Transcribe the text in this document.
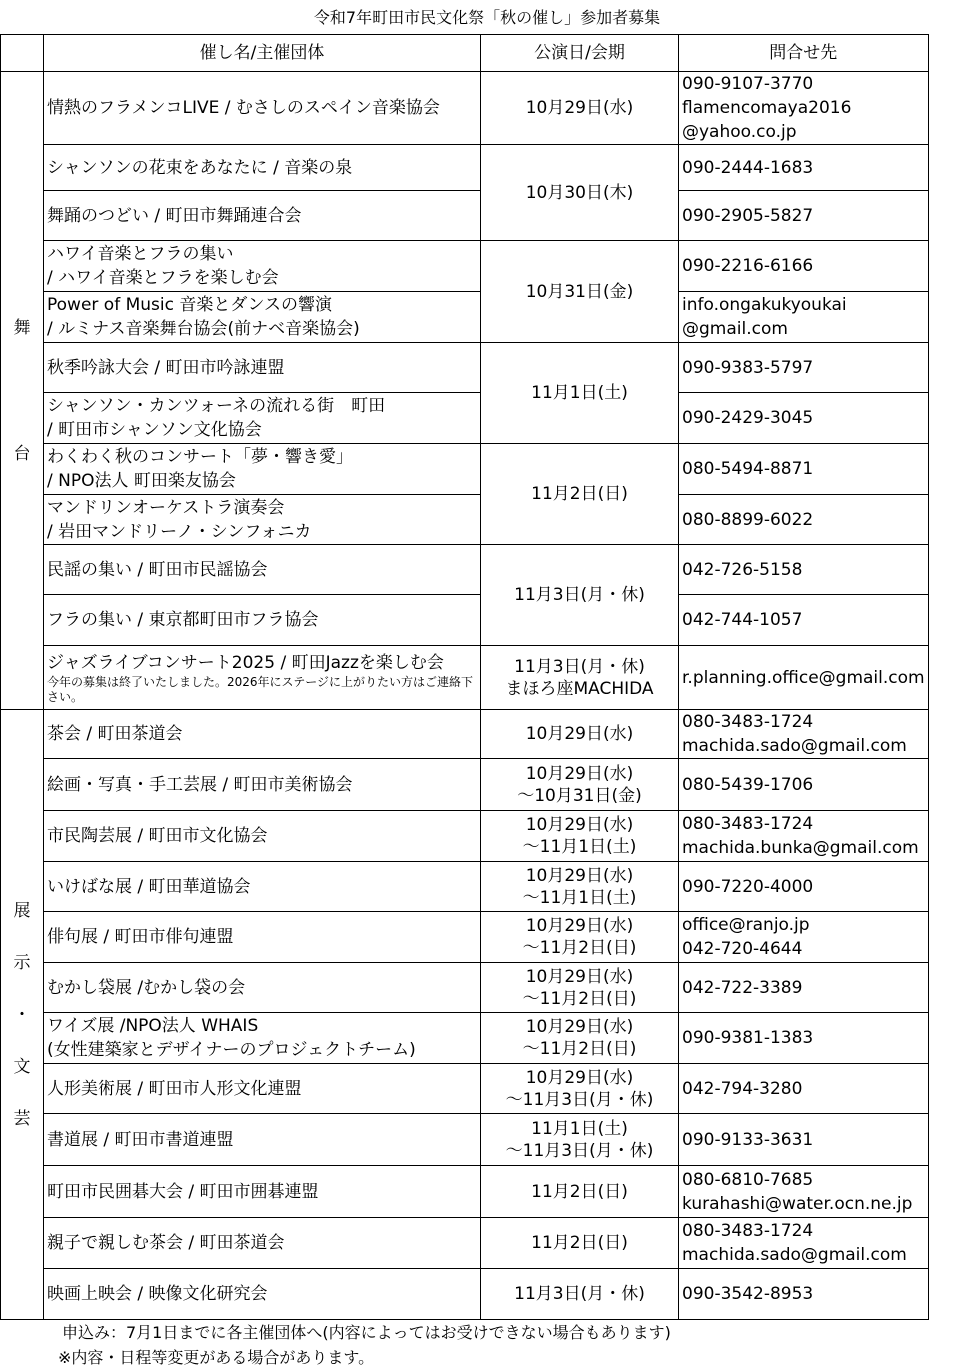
令和7年町田市民文化祭「秋の催し」参加者募集
	催し名/主催団体	公演日/会期	問合せ先

舞
台	情熱のフラメンコLIVE / むさしのスペイン音楽協会	10月29日(水)	090-9107-3770
flamencomaya2016
@yahoo.co.jp

	シャンソンの花束をあなたに / 音楽の泉	10月30日(木)	090-2444-1683

	舞踊のつどい / 町田市舞踊連合会		090-2905-5827

	ハワイ音楽とフラの集い
/ ハワイ音楽とフラを楽しむ会	10月31日(金)	090-2216-6166

	Power of Music 音楽とダンスの響演
/ ルミナス音楽舞台協会(前ナベ音楽協会)		info.ongakukyoukai
@gmail.com

	秋季吟詠大会 / 町田市吟詠連盟	11月1日(土)	090-9383-5797

	シャンソン・カンツォーネの流れる街　町田
/ 町田市シャンソン文化協会		090-2429-3045

	わくわく秋のコンサート「夢・響き愛」
/ NPO法人 町田楽友協会	11月2日(日)	080-5494-8871

	マンドリンオーケストラ演奏会
/ 岩田マンドリーノ・シンフォニカ		080-8899-6022

	民謡の集い / 町田市民謡協会	11月3日(月・休)	042-726-5158

	フラの集い / 東京都町田市フラ協会		042-744-1057

	ジャズライブコンサート2025 / 町田Jazzを楽しむ会
今年の募集は終了いたしました。2026年にステージに上がりたい方はご連絡下さい。	11月3日(月・休)
まほろ座MACHIDA	r.planning.office@gmail.com

展
示
・
文
芸	茶会 / 町田茶道会	10月29日(水)	080-3483-1724
machida.sado@gmail.com

	絵画・写真・手工芸展 / 町田市美術協会	10月29日(水)
～10月31日(金)	080-5439-1706

	市民陶芸展 / 町田市文化協会	10月29日(水)
～11月1日(土)	080-3483-1724
machida.bunka@gmail.com

	いけばな展 / 町田華道協会	10月29日(水)
～11月1日(土)	090-7220-4000

	俳句展 / 町田市俳句連盟	10月29日(水)
～11月2日(日)	office@ranjo.jp
042-720-4644

	むかし袋展 /むかし袋の会	10月29日(水)
～11月2日(日)	042-722-3389

	ワイズ展 /NPO法人 WHAIS
(女性建築家とデザイナーのプロジェクトチーム)	10月29日(水)
～11月2日(日)	090-9381-1383

	人形美術展 / 町田市人形文化連盟	10月29日(水)
～11月3日(月・休)	042-794-3280

	書道展 / 町田市書道連盟	11月1日(土)
～11月3日(月・休)	090-9133-3631

	町田市民囲碁大会 / 町田市囲碁連盟	11月2日(日)	080-6810-7685
kurahashi@water.ocn.ne.jp

	親子で親しむ茶会 / 町田茶道会	11月2日(日)	080-3483-1724
machida.sado@gmail.com

	映画上映会 / 映像文化研究会	11月3日(月・休)	090-3542-8953
申込み：7月1日までに各主催団体へ(内容によってはお受けできない場合もあります)
※内容・日程等変更がある場合があります。
